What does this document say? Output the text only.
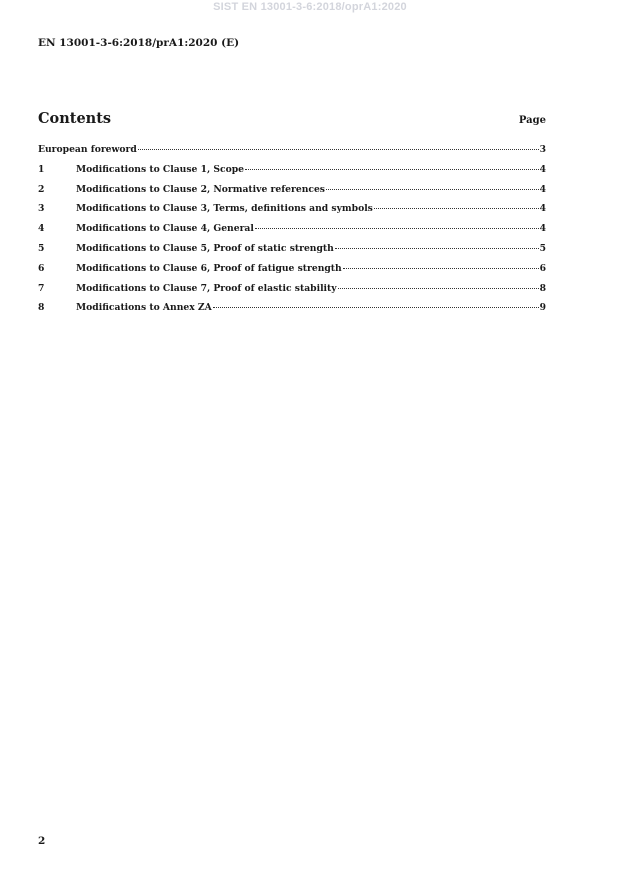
SIST EN 13001-3-6:2018/oprA1:2020
EN 13001-3-6:2018/prA1:2020 (E)
Contents	Page
European foreword	3
1	Modifications to Clause 1, Scope	4
2	Modifications to Clause 2, Normative references	4
3	Modifications to Clause 3, Terms, definitions and symbols	4
4	Modifications to Clause 4, General	4
5	Modifications to Clause 5, Proof of static strength	5
6	Modifications to Clause 6, Proof of fatigue strength	6
7	Modifications to Clause 7, Proof of elastic stability	8
8	Modifications to Annex ZA	9
2
